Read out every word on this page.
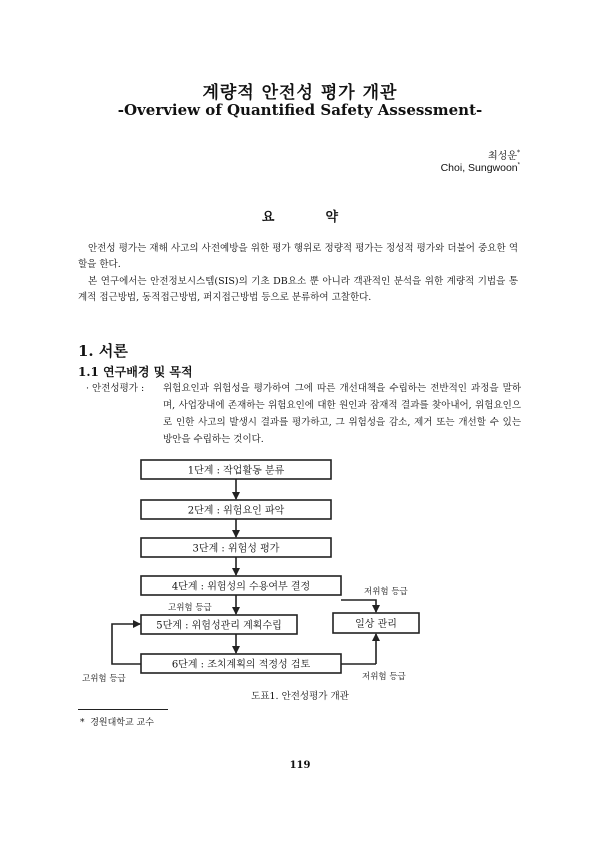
계량적 안전성 평가 개관
-Overview of Quantified Safety Assessment-
최성운*
Choi, Sungwoon*
요  약
안전성 평가는 재해 사고의 사전예방을 위한 평가 행위로 정량적 평가는 정성적 평가와 더불어 중요한 역할을 한다.
본 연구에서는 안전정보시스템(SIS)의 기초 DB요소 뿐 아니라 객관적인 분석을 위한 계량적 기법을 통계적 접근방법, 동적접근방법, 퍼지접근방법 등으로 분류하여 고찰한다.
1. 서론
1.1 연구배경 및 목적
· 안전성평가 : 위험요인과 위험성을 평가하여 그에 따른 개선대책을 수립하는 전반적인 과정을 말하며, 사업장내에 존재하는 위험요인에 대한 원인과 잠재적 결과를 찾아내어, 위험요인으로 인한 사고의 발생시 결과를 평가하고, 그 위험성을 감소, 제거 또는 개선할 수 있는 방안을 수립하는 것이다.
1단계 : 작업활동 분류
2단계 : 위험요인 파악
3단계 : 위험성 평가
4단계 : 위험성의 수용여부 결정
5단계 : 위험성관리 계획수립
6단계 : 조치계획의 적정성 검토
일상 관리
고위험 등급
저위험 등급
저위험 등급
고위험 등급
도표1. 안전성평가 개관
*  경원대학교 교수
119
